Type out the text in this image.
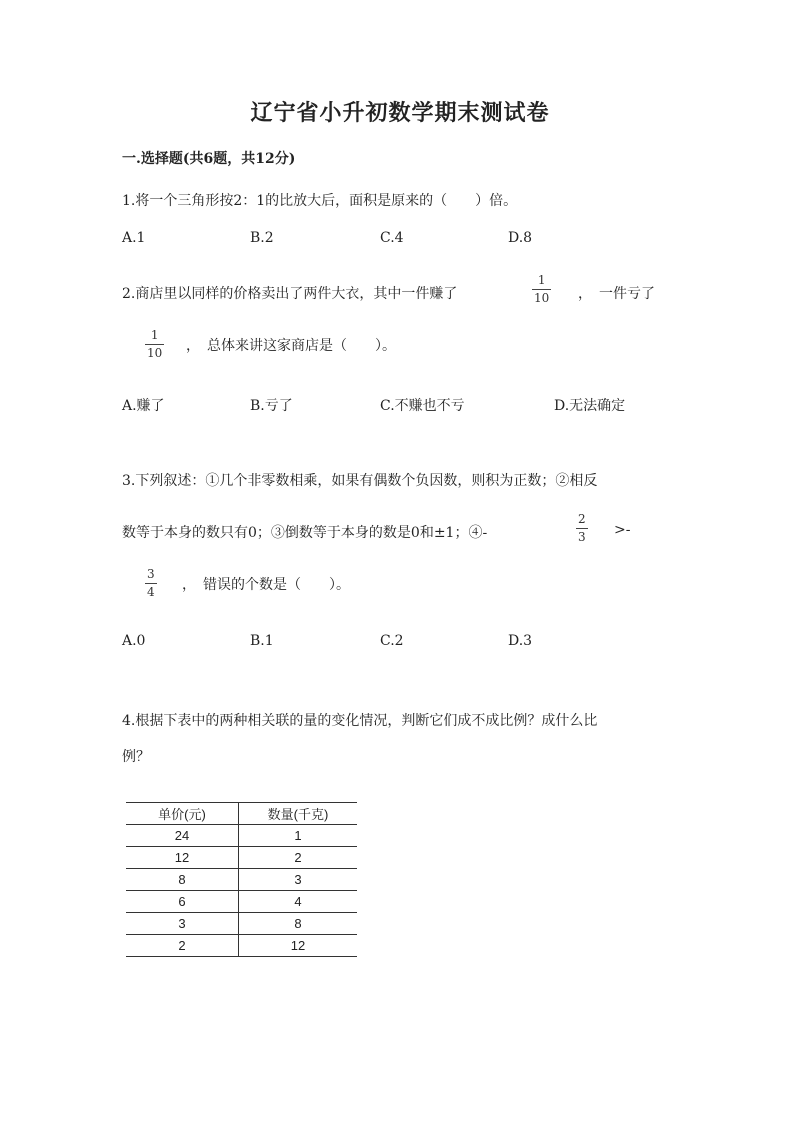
辽宁省小升初数学期末测试卷
一.选择题(共6题，共12分)
1.将一个三角形按2：1的比放大后，面积是原来的（　　）倍。
A.1	B.2	C.4	D.8
2.商店里以同样的价格卖出了两件大衣，其中一件赚了
1
10 ，　一件亏了
1
10 ，　总体来讲这家商店是（　　）。
A.赚了	B.亏了	C.不赚也不亏	D.无法确定
3.下列叙述：①几个非零数相乘，如果有偶数个负因数，则积为正数；②相反
数等于本身的数只有0；③倒数等于本身的数是0和±1；④-
2
3 >-
3
4 ，　错误的个数是（　　）。
A.0	B.1	C.2	D.3
4.根据下表中的两种相关联的量的变化情况，判断它们成不成比例？成什么比
例？
单价(元)	数量(千克)
24	1
12	2
8	3
6	4
3	8
2	12
